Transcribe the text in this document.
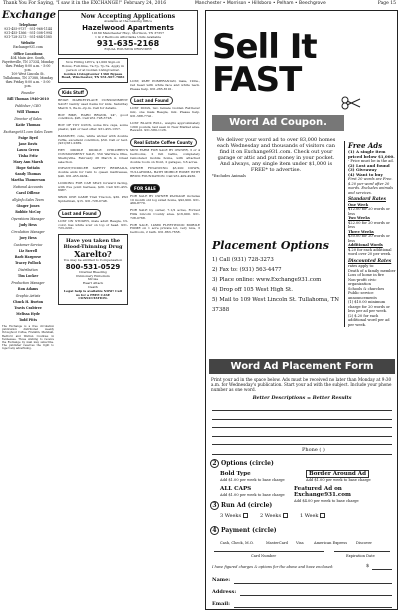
Thank You For Saying, "I saw it in the EXCHANGE!" February 24, 2016	Manchester • Morrison • Hillsboro • Pelham • Beechgrove	Page 15
Exchange
Telephone

931-455-9737 · 931-968-1144

931-455-1366 · 931-308-1994

931-728-3273 · 931-684-1585

Website

Exchange931.com

Office Locations

404 Main Ave. South, Fayetteville, TN 37334, Monday thru Friday 8:00 a.m. - 5:00 p.m.

109 West Lincoln St. Tullahoma, TN 37388, Monday thru Friday 8:00 a.m. - 5:00 p.m.

Founder

Bill Thomas 1940-2010

Publisher / CEO

Will Thomas

Director of Sales

Katie Thomas

Exchange931.com Sales Team

Paige Byrd

Jane Davis

Laura Green

Tisha Fritz

Mary Ann Marsh

Hope Sottain

Sandy Thomas

Martha Thomerson

National Accounts

Carol Dillene

allyInfo.Sales Team

Ginger Jones

Robbie McCoy

Operations Manager

Judy Hess

Circulation Manager

Joey Hess

Customer Service

Liz Farrell

Barb Hargrove

Tracey Pollock

Distribution

Tim Locker

Production Manager

Ron Adams

Graphic Artists

Chuck H. Burton

Travis Crabtree

Melissa Hyde

Todd Pitts

The Exchange is a free circulation publication distributed weekly throughout Coffee, Franklin, Marshall, Bedford and Warren Counties in Tennessee. Those wishing to receive the Exchange by mail may subscribe. The publisher reserves the right to reject any advertising.
Now Accepting Applications
Available at the Leasing Office
Hazelwood Apartments
10160 Manchester Hwy., Morrison, TN 37357
1 & 2 Bedroom Affordable Units Available
931-635-2168
EQUAL HOUSING PROVIDER
Now Hiring LPN's, $1,000 Sign-on Bonus, Full-time, 7a-7p, 7p-7a. Apply in person or at Golden LivingCenter.
Golden LivingCenter 1360 Bypass Road, Winchester, TN 931-967-7082
Kids Stuff
BEIGE MARKETPLACE CONSIGNMENT SALE! Gently used items for kids. Saturday March 5, 8a.m.-2p.m. Call for details.
BOY BIKE, HARO BRAND, 24", good condition, $95. Call 931-728-3728.
BOY OF TOY GUNS, some fire caps, some plastic, $40 or best offer. 931-455-1357.
BASSINET, cute, white wicker with double ruffle, excellent condition, $50. Call or text. (931)581-2389.
HEY DIDDLE DIDDLE CHILDREN'S CONSIGNMENT SALE, 550 Wartrace Pike, Shelbyville. February 26 March 4. Great selection.
INFANT/TODDLER SAFETY REDRAILS, double ends for twin to queen mattresses, $40. 931-455-0434.
LOOKING FOR CAR SEAT, forward facing, with five point harness, $20. Call 931-455-6987.
XBOX ONE GAME Trail Tracion, $30. PS3 Spiderman, $15. 931-728-0748.
Lost and Found
LOST ON STOGEN, male adult Beagle, tri-color, has white scar on top of head. 931-723-2201.
Have you taken the Blood-Thinning Drug
Xarelto?
You may be entitled to Compensation
800-531-0529
Internal Bleeding
Pulmonary Embolism
Stroke
Heart Attack
Death
Legal help is available NOW! Call us for a FREE CASE CONSULTATION.
LOST, PART POMERANIAN, male, 12lbs., red head with white face and white neck. Please help. 931-265-8191.
Lost and Found
LOST DOGS, two female Golden Retriever mix, one male Beagle, mix. Please help. 931-588-7741.
LOST BLACK BULL, weighs approximately 1200 pounds, last seen in New Market area. Reward. 931-580-1126.
Real Estate Coffee County
MINI FARM FOR SALE BY OWNER, 3 or 4 bedrooms, 2 full baths, completely remodeled mobile home, with attached double room on front, 2 garages, 3.6 acres.
OWNER FINANCING $3,200 DOWN, TULLAHOMA, BATH MOBILE HOME WITH BRICK FOUNDATION. Call 931-409-4930.
FOR SALE
FOR SALE BY OWNER PACKAGE includes 10 month old log sided home, $92,900. 931-469-8770.
FOR SALE by owner, 7-1/2 acres, Forrest Hills Lincoln County area. $16,900. 931-728-0768.
FOR SALE, 14X80 FLEETWOOD MOBILE HOME on 1 acre private lot, very nice, 3 bedroom, 2 bath. 931-863-7658.
Sell It
FAST
Word Ad Coupon.
We deliver your word ad to over 83,000 homes each Wednesday and thousands of visitors can find it on Exchange931.com. Check out your garage or attic and put money in your pocket. And always, any single item under $1,000 is FREE* to advertise.
*Excludes Animals
Placement Options
1) Call (931) 728-3273
2) Fax to: (931) 563-4477
3) Place online: www.Exchange931.com
4) Drop off 105 West High St.
5) Mail to 109 West Lincoln St. Tullahoma, TN 37388
Free Ads
(1) A single item priced below $1,000.
- Price must be in the ad.
(2) Lost and found
(3) Giveaway
(4) Want to buy
First 20 words are Free. $.20 per word after 20 words. Excludes animals and services.
Standard Rates
One Week
$12.00 for 20 words or less
Two Weeks
$22.00 for 20 words or less
Three Weeks
$30.00 for 20 words or less
Additional Words
$.20 for each additional word over 20 per week.
Discounted Rates
rates apply to:
Death of a family member
Loss of home in fire
Non-profit civic organization
Schools & churches
Public service announcements
(1) $10.00 minimum charge for 20 words or less per ad per week.
(2) $.20 for each additional word per ad per week.
Word Ad Placement Form
Print your ad in the space below. Ads must be received no later than Monday at 9:30 a.m. for Wednesday's publication. Start your ad with the subject. Include your phone number as one word.
Better Descriptions = Better Results
Phone ( )
2 Options (circle)
Bold Type
Add $1.00 per week to base charge
Border Around Ad
Add $1.00 per week to base charge
ALL CAPS
Add $1.00 per week to base charge
Featured Ad on Exchange931.com
Add $4.00 per week to base charge
3 Run Ad (circle)
3 Weeks	2 Weeks	1 Week
4 Payment (circle)
Cash, Check, M.O.	MasterCard Visa	American Express Discover
Card Number	Expiration Date
I have figured charges & options for the above and have enclosed:	$
Name:
Address:
Email:
